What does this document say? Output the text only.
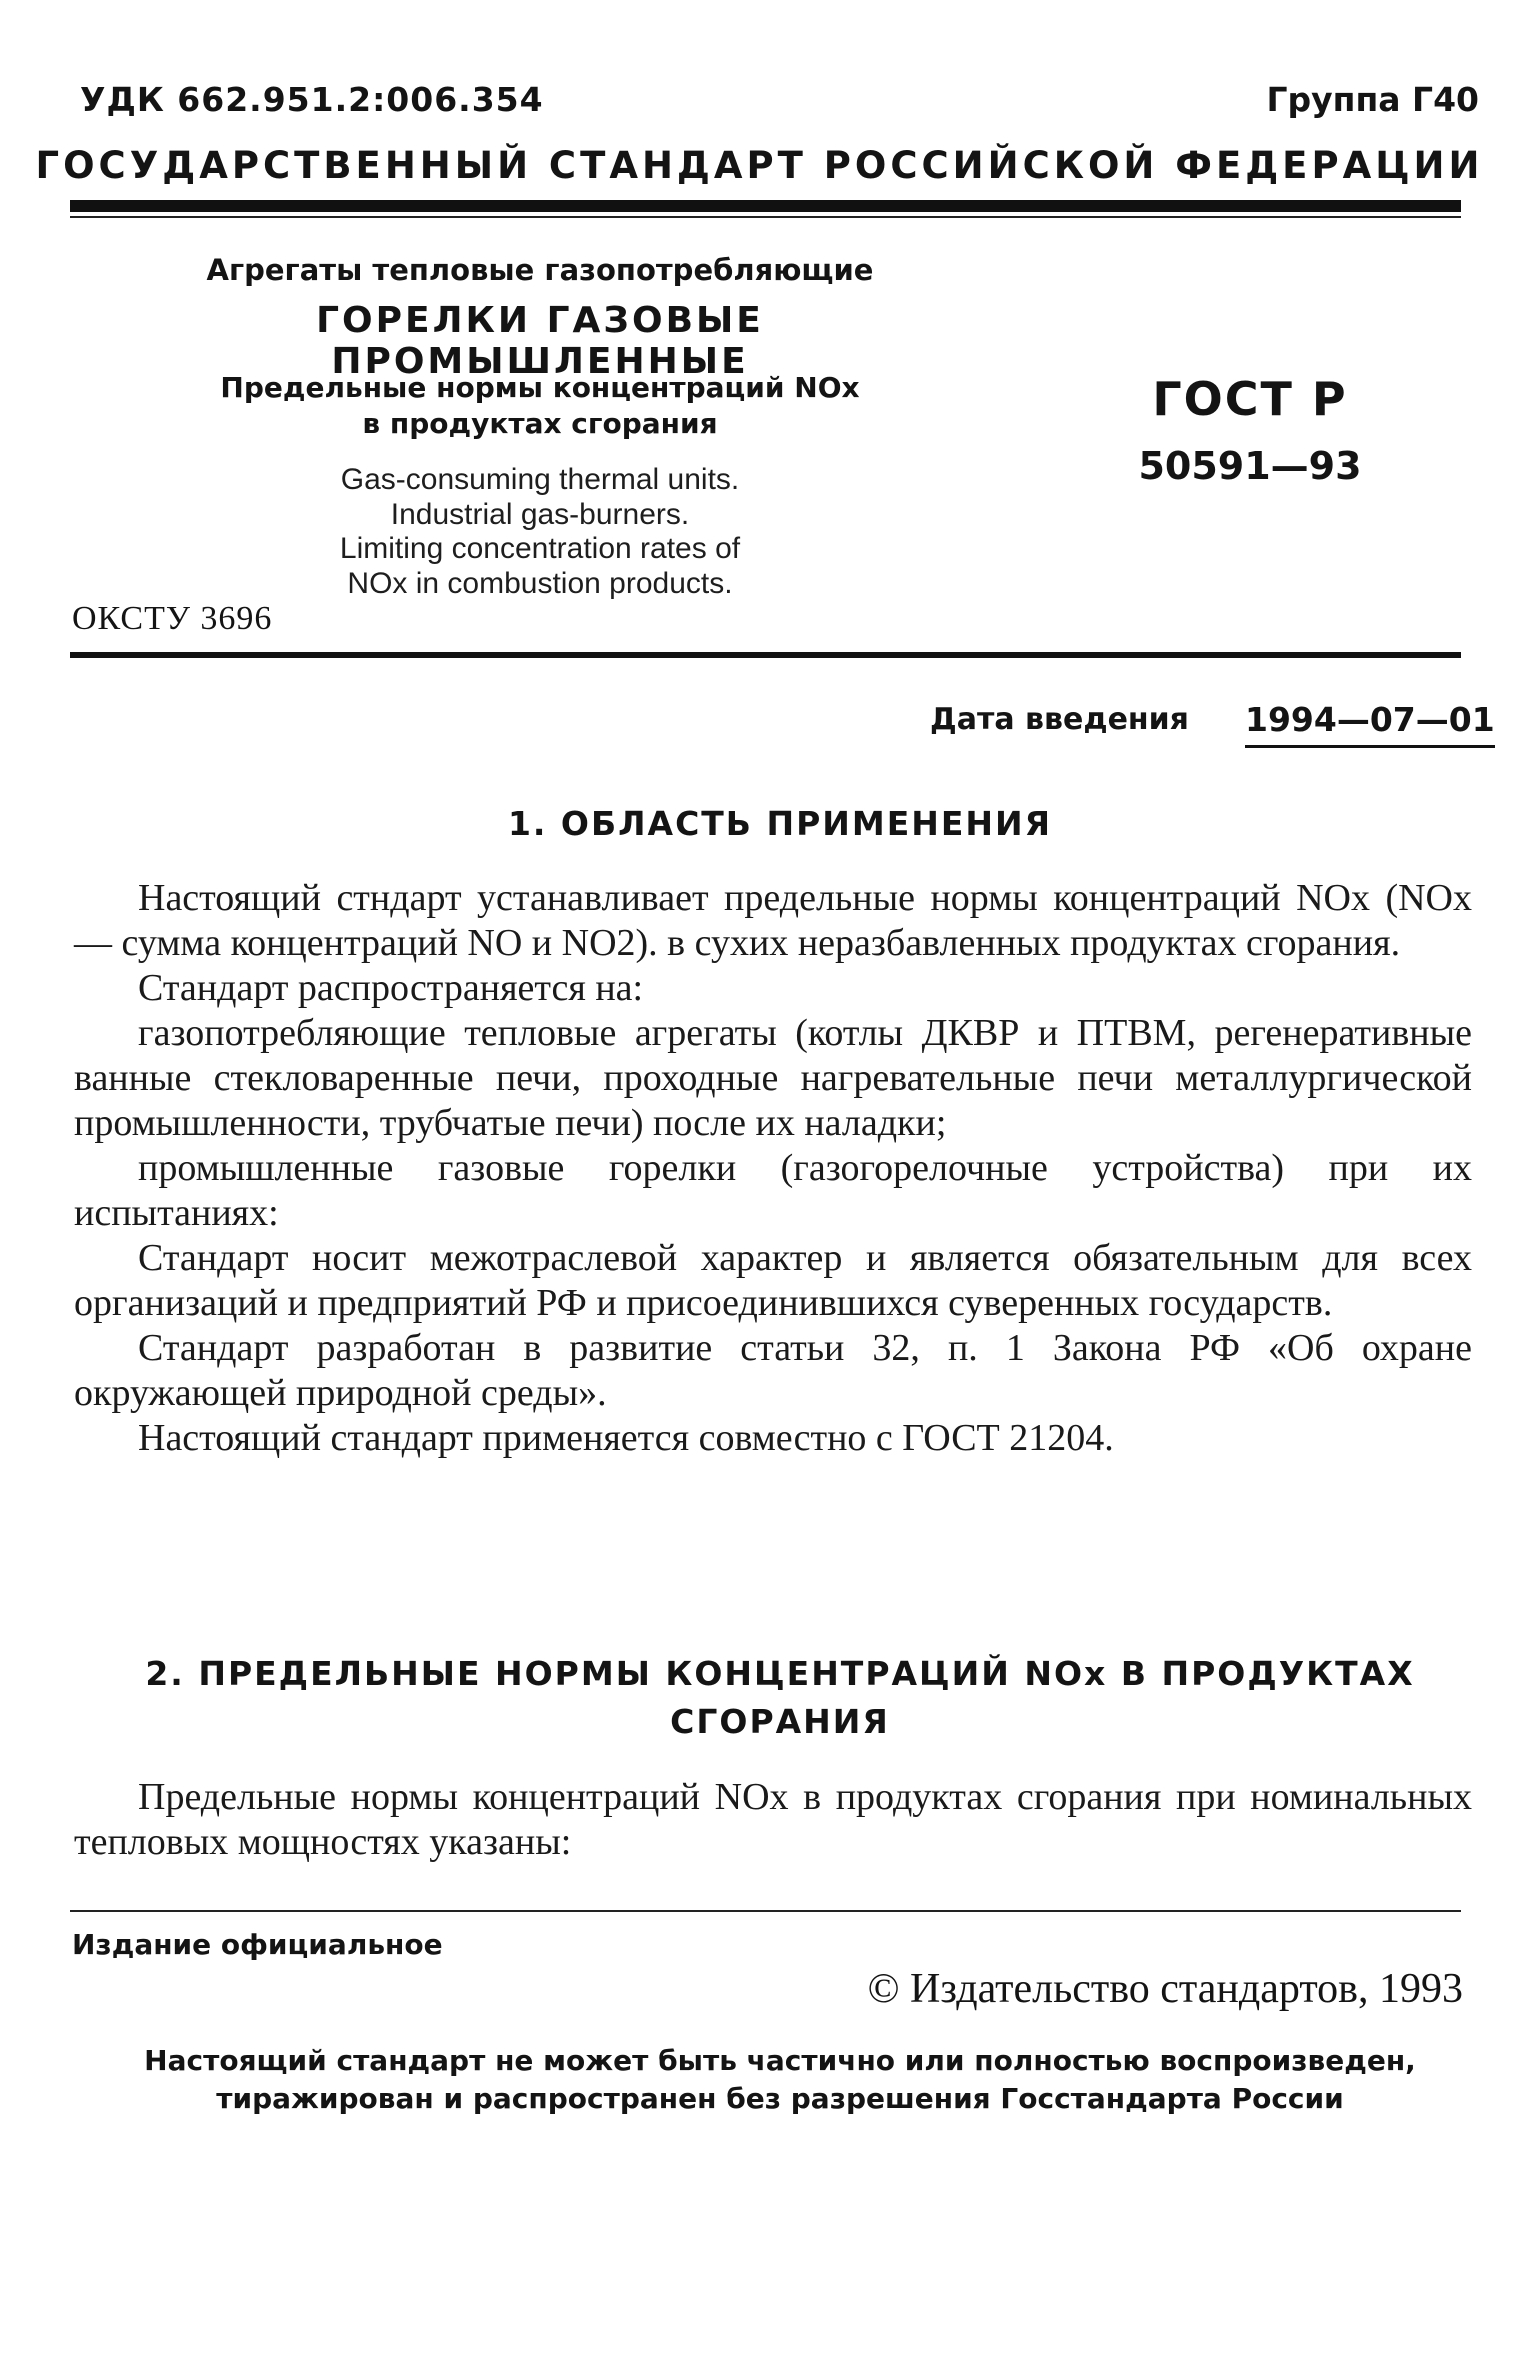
УДК 662.951.2:006.354	Группа Г40
ГОСУДАРСТВЕННЫЙ СТАНДАРТ РОССИЙСКОЙ ФЕДЕРАЦИИ
Агрегаты тепловые газопотребляющие
ГОРЕЛКИ ГАЗОВЫЕ ПРОМЫШЛЕННЫЕ
Предельные нормы концентраций NOx
в продуктах сгорания
Gas-consuming thermal units.
Industrial gas-burners.
Limiting concentration rates of
NOx in combustion products.
ГОСТ Р
50591—93
ОКСТУ 3696
Дата введения 1994—07—01
1. ОБЛАСТЬ ПРИМЕНЕНИЯ

Настоящий стндарт устанавливает предельные нормы концентраций NOx (NOx — сумма концентраций NO и NO2). в сухих неразбавленных продуктах сгорания.

Стандарт распространяется на:

газопотребляющие тепловые агрегаты (котлы ДКВР и ПТВМ, регенеративные ванные стекловаренные печи, проходные нагревательные печи металлургической промышленности, трубчатые печи) после их наладки;

промышленные газовые горелки (газогорелочные устройства) при их испытаниях:

Стандарт носит межотраслевой характер и является обязательным для всех организаций и предприятий РФ и присоединившихся суверенных государств.

Стандарт разработан в развитие статьи 32, п. 1 Закона РФ «Об охране окружающей природной среды».

Настоящий стандарт применяется совместно с ГОСТ 21204.

2. ПРЕДЕЛЬНЫЕ НОРМЫ КОНЦЕНТРАЦИЙ NOx В ПРОДУКТАХ
СГОРАНИЯ

Предельные нормы концентраций NOx в продуктах сгорания при номинальных тепловых мощностях указаны:

Издание официальное
© Издательство стандартов, 1993
Настоящий стандарт не может быть частично или полностью воспроизведен,
тиражирован и распространен без разрешения Госстандарта России
